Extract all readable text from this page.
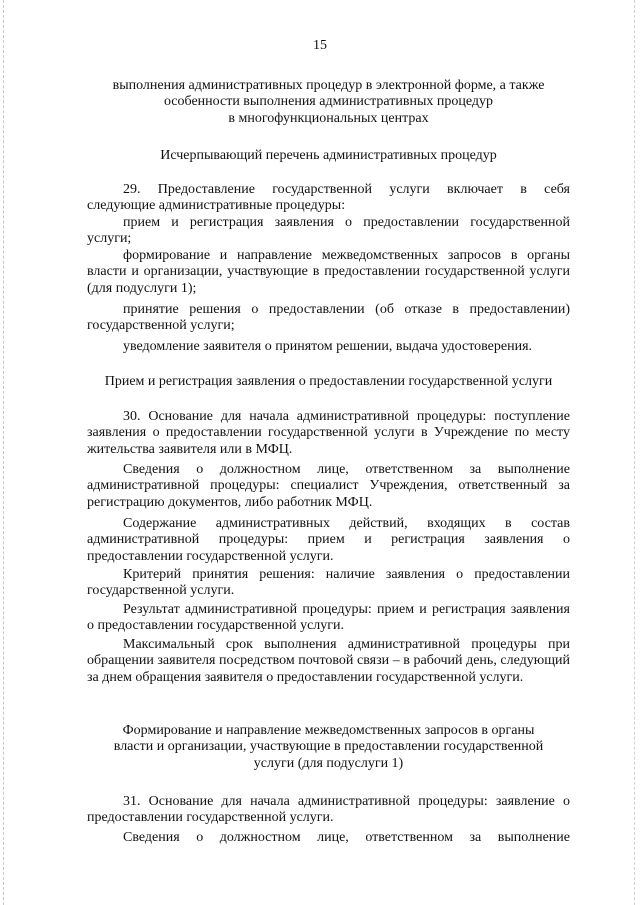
15
выполнения административных процедур в электронной форме, а также
особенности выполнения административных процедур
в многофункциональных центрах
Исчерпывающий перечень административных процедур
29. Предоставление государственной услуги включает в себя
следующие административные процедуры:

прием и регистрация заявления о предоставлении государственной услуги;

формирование и направление межведомственных запросов в органы власти и организации, участвующие в предоставлении государственной услуги (для подуслуги 1);

принятие решения о предоставлении (об отказе в предоставлении) государственной услуги;

уведомление заявителя о принятом решении, выдача удостоверения.

Прием и регистрация заявления о предоставлении государственной услуги

30. Основание для начала административной процедуры: поступление заявления о предоставлении государственной услуги в Учреждение по месту жительства заявителя или в МФЦ.

Сведения о должностном лице, ответственном за выполнение административной процедуры: специалист Учреждения, ответственный за регистрацию документов, либо работник МФЦ.

Содержание административных действий, входящих в состав административной процедуры: прием и регистрация заявления о предоставлении государственной услуги.

Критерий принятия решения: наличие заявления о предоставлении государственной услуги.

Результат административной процедуры: прием и регистрация заявления о предоставлении государственной услуги.

Максимальный срок выполнения административной процедуры при обращении заявителя посредством почтовой связи – в рабочий день, следующий за днем обращения заявителя о предоставлении государственной услуги.

Формирование и направление межведомственных запросов в органы
власти и организации, участвующие в предоставлении государственной
услуги (для подуслуги 1)

31. Основание для начала административной процедуры: заявление о предоставлении государственной услуги.

Сведения о должностном лице, ответственном за выполнение
